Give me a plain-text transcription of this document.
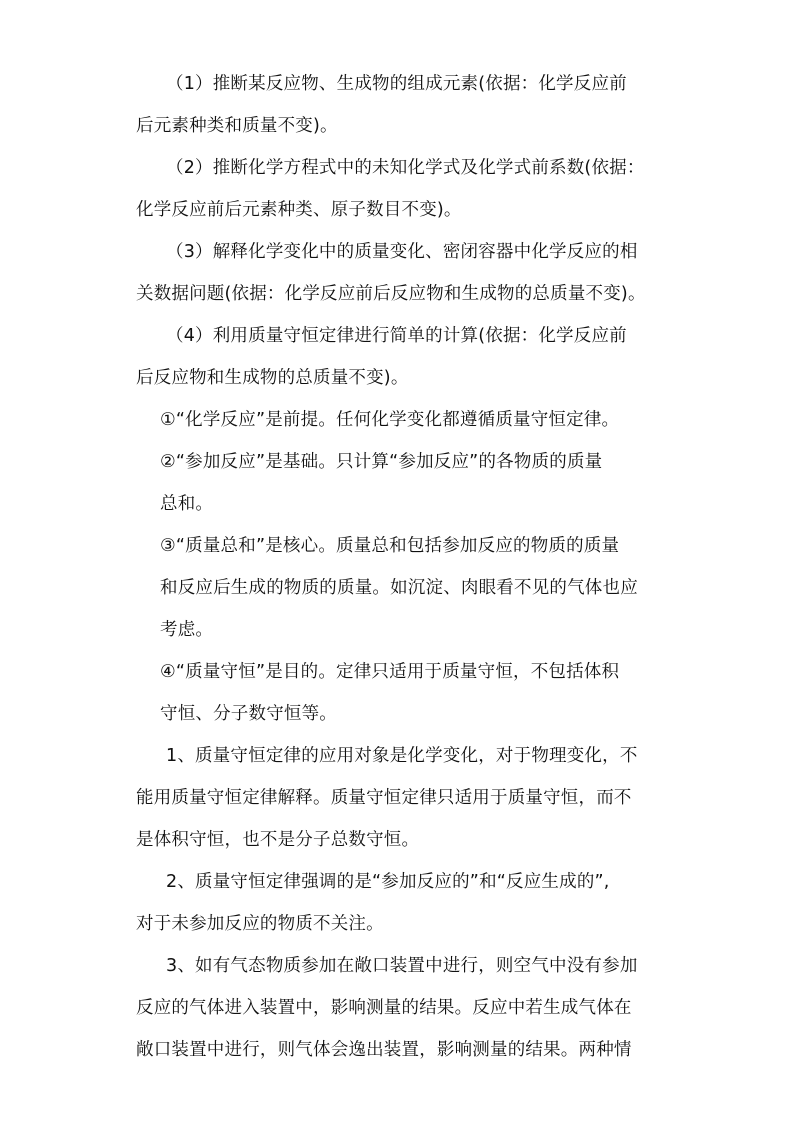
（1）推断某反应物、生成物的组成元素(依据：化学反应前
后元素种类和质量不变)。
（2）推断化学方程式中的未知化学式及化学式前系数(依据：
化学反应前后元素种类、原子数目不变)。
（3）解释化学变化中的质量变化、密闭容器中化学反应的相
关数据问题(依据：化学反应前后反应物和生成物的总质量不变)。
（4）利用质量守恒定律进行简单的计算(依据：化学反应前
后反应物和生成物的总质量不变)。
①“化学反应”是前提。任何化学变化都遵循质量守恒定律。
②“参加反应”是基础。只计算“参加反应”的各物质的质量
总和。
③“质量总和”是核心。质量总和包括参加反应的物质的质量
和反应后生成的物质的质量。如沉淀、肉眼看不见的气体也应
考虑。
④“质量守恒”是目的。定律只适用于质量守恒，不包括体积
守恒、分子数守恒等。
1、质量守恒定律的应用对象是化学变化，对于物理变化，不
能用质量守恒定律解释。质量守恒定律只适用于质量守恒，而不
是体积守恒，也不是分子总数守恒。
2、质量守恒定律强调的是“参加反应的”和“反应生成的”,
对于未参加反应的物质不关注。
3、如有气态物质参加在敞口装置中进行，则空气中没有参加
反应的气体进入装置中，影响测量的结果。反应中若生成气体在
敞口装置中进行，则气体会逸出装置，影响测量的结果。两种情
